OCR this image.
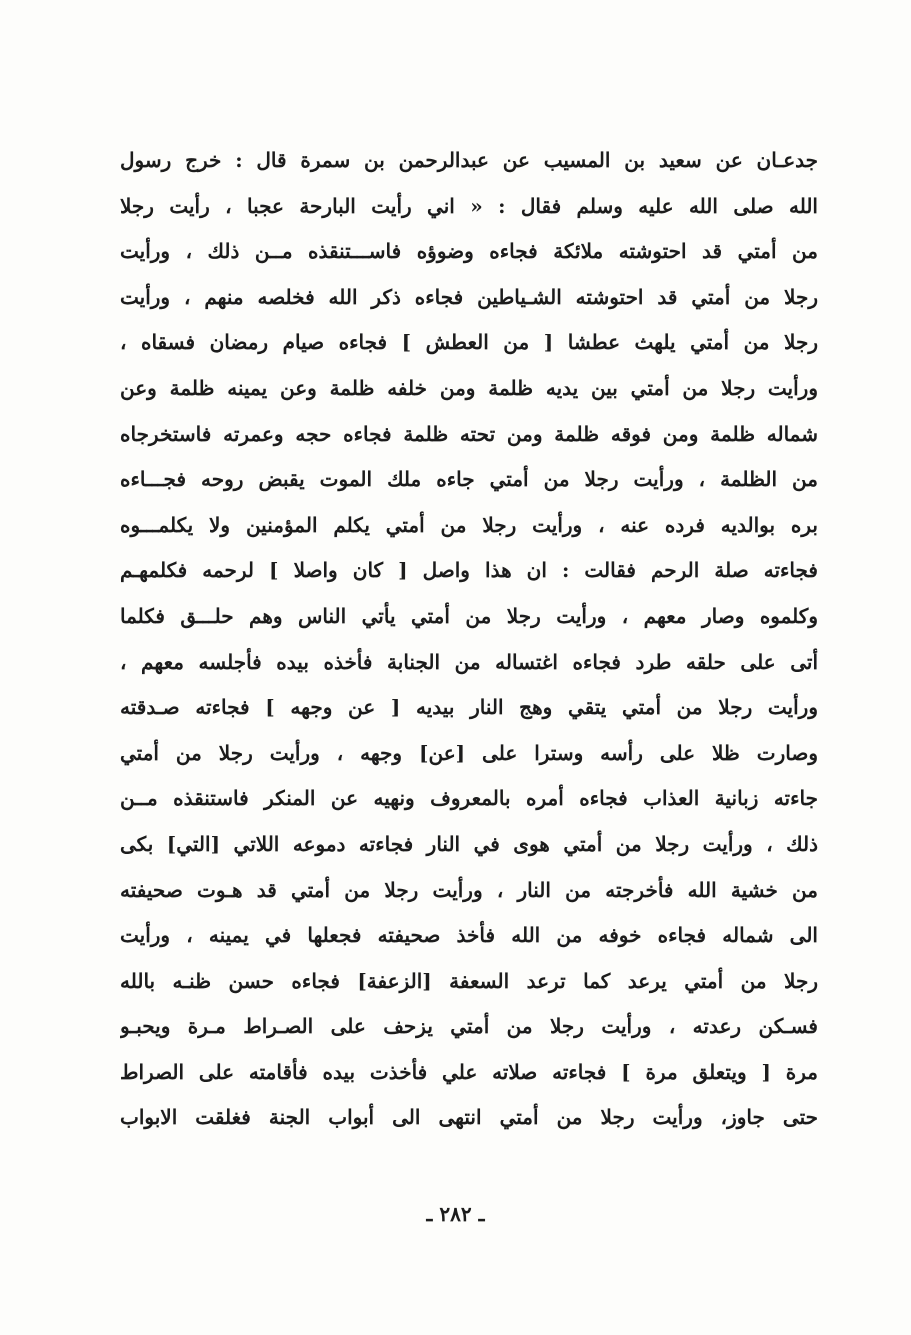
جدعـان عن سعيد بن المسيب عن عبدالرحمن بن سمرة قال : خرج رسول
الله صلى الله عليه وسلم فقال : « اني رأيت البارحة عجبا ، رأيت رجلا
من أمتي قد احتوشته ملائكة فجاءه وضوؤه فاســـتنقذه مــن ذلك ، ورأيت
رجلا من أمتي قد احتوشته الشـياطين فجاءه ذكر الله فخلصه منهم ، ورأيت
رجلا من أمتي يلهث عطشا [ من العطش ] فجاءه صيام رمضان فسقاه ،
ورأيت رجلا من أمتي بين يديه ظلمة ومن خلفه ظلمة وعن يمينه ظلمة وعن
شماله ظلمة ومن فوقه ظلمة ومن تحته ظلمة فجاءه حجه وعمرته فاستخرجاه
من الظلمة ، ورأيت رجلا من أمتي جاءه ملك الموت يقبض روحه فجـــاءه
بره بوالديه فرده عنه ، ورأيت رجلا من أمتي يكلم المؤمنين ولا يكلمـــوه
فجاءته صلة الرحم فقالت : ان هذا واصل [ كان واصلا ] لرحمه فكلمهـم
وكلموه وصار معهم ، ورأيت رجلا من أمتي يأتي الناس وهم حلـــق فكلما
أتى على حلقه طرد فجاءه اغتساله من الجنابة فأخذه بيده فأجلسه معهم ،
ورأيت رجلا من أمتي يتقي وهج النار بيديه [ عن وجهه ] فجاءته صـدقته
وصارت ظلا على رأسه وسترا على [عن] وجهه ، ورأيت رجلا من أمتي
جاءته زبانية العذاب فجاءه أمره بالمعروف ونهيه عن المنكر فاستنقذه مــن
ذلك ، ورأيت رجلا من أمتي هوى في النار فجاءته دموعه اللاتي [التي] بكى
من خشية الله فأخرجته من النار ، ورأيت رجلا من أمتي قد هـوت صحيفته
الى شماله فجاءه خوفه من الله فأخذ صحيفته فجعلها في يمينه ، ورأيت
رجلا من أمتي يرعد كما ترعد السعفة [الزعفة] فجاءه حسن ظنـه بالله
فسـكن رعدته ، ورأيت رجلا من أمتي يزحف على الصـراط مـرة ويحبـو
مرة [ ويتعلق مرة ] فجاءته صلاته علي فأخذت بيده فأقامته على الصراط
حتى جاوز، ورأيت رجلا من أمتي انتهى الى أبواب الجنة فغلقت الابواب
ـ ٢٨٢ ـ
